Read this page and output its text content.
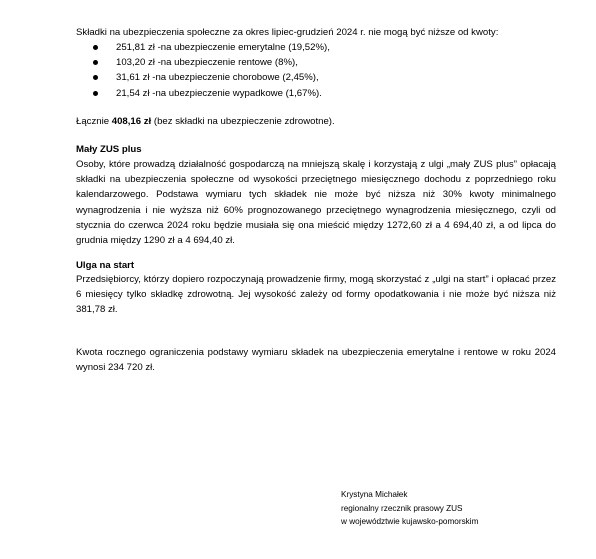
Składki na ubezpieczenia społeczne za okres lipiec-grudzień 2024 r. nie mogą być niższe od kwoty:
251,81 zł -na ubezpieczenie emerytalne (19,52%),
103,20 zł -na ubezpieczenie rentowe (8%),
31,61 zł -na ubezpieczenie chorobowe (2,45%),
21,54 zł -na ubezpieczenie wypadkowe (1,67%).
Łącznie 408,16 zł (bez składki na ubezpieczenie zdrowotne).
Mały ZUS plus
Osoby, które prowadzą działalność gospodarczą na mniejszą skalę i korzystają z ulgi „mały ZUS plus” opłacają składki na ubezpieczenia społeczne od wysokości przeciętnego miesięcznego dochodu z poprzedniego roku kalendarzowego. Podstawa wymiaru tych składek nie może być niższa niż 30% kwoty minimalnego wynagrodzenia i nie wyższa niż 60% prognozowanego przeciętnego wynagrodzenia miesięcznego, czyli od stycznia do czerwca 2024 roku będzie musiała się ona mieścić między 1272,60 zł a 4 694,40 zł, a od lipca do grudnia między 1290 zł a 4 694,40 zł.
Ulga na start
Przedsiębiorcy, którzy dopiero rozpoczynają prowadzenie firmy, mogą skorzystać z „ulgi na start” i opłacać przez 6 miesięcy tylko składkę zdrowotną. Jej wysokość zależy od formy opodatkowania i nie może być niższa niż 381,78 zł.
Kwota rocznego ograniczenia podstawy wymiaru składek na ubezpieczenia emerytalne i rentowe w roku 2024 wynosi 234 720 zł.
Krystyna Michałek
regionalny rzecznik prasowy ZUS
w województwie kujawsko-pomorskim
